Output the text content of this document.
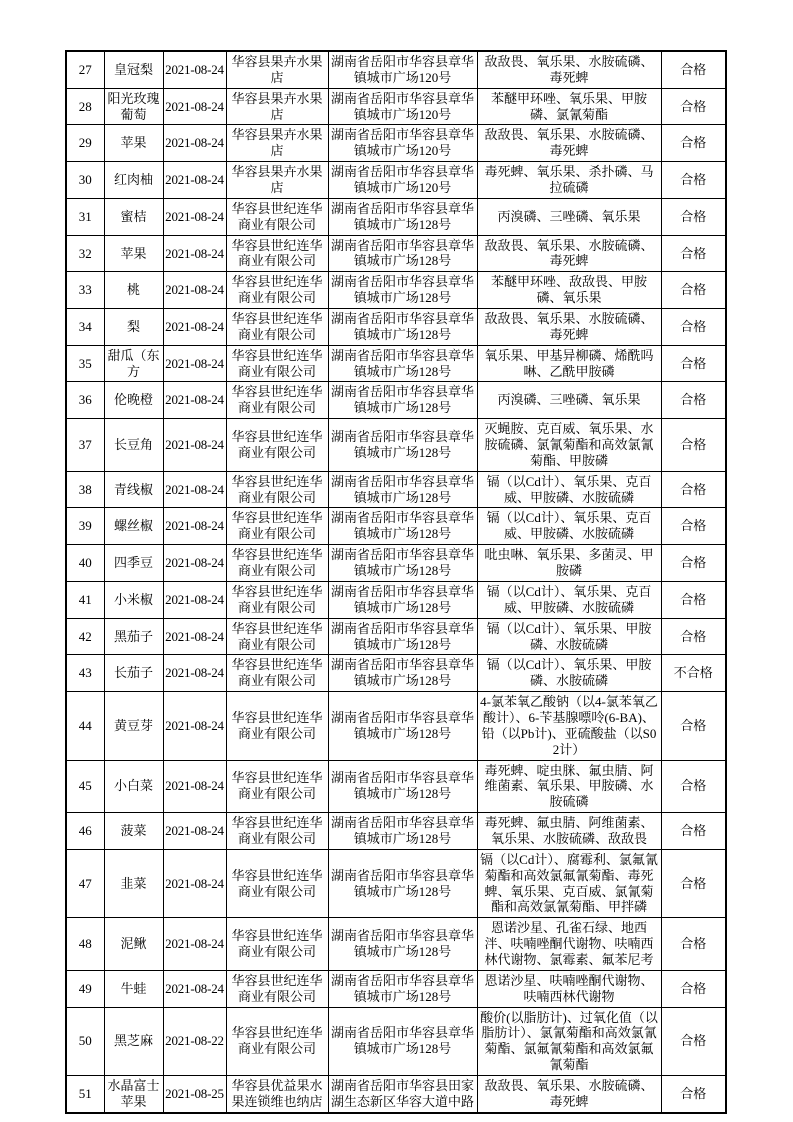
27	皇冠梨	2021-08-24	华容县果卉水果店	湖南省岳阳市华容县章华镇城市广场120号	敌敌畏、氧乐果、水胺硫磷、毒死蜱	合格
28	阳光玫瑰葡萄	2021-08-24	华容县果卉水果店	湖南省岳阳市华容县章华镇城市广场120号	苯醚甲环唑、氧乐果、甲胺磷、氯氰菊酯	合格
29	苹果	2021-08-24	华容县果卉水果店	湖南省岳阳市华容县章华镇城市广场120号	敌敌畏、氧乐果、水胺硫磷、毒死蜱	合格
30	红肉柚	2021-08-24	华容县果卉水果店	湖南省岳阳市华容县章华镇城市广场120号	毒死蜱、氧乐果、杀扑磷、马拉硫磷	合格
31	蜜桔	2021-08-24	华容县世纪连华商业有限公司	湖南省岳阳市华容县章华镇城市广场128号	丙溴磷、三唑磷、氧乐果	合格
32	苹果	2021-08-24	华容县世纪连华商业有限公司	湖南省岳阳市华容县章华镇城市广场128号	敌敌畏、氧乐果、水胺硫磷、毒死蜱	合格
33	桃	2021-08-24	华容县世纪连华商业有限公司	湖南省岳阳市华容县章华镇城市广场128号	苯醚甲环唑、敌敌畏、甲胺磷、氧乐果	合格
34	梨	2021-08-24	华容县世纪连华商业有限公司	湖南省岳阳市华容县章华镇城市广场128号	敌敌畏、氧乐果、水胺硫磷、毒死蜱	合格
35	甜瓜（东方	2021-08-24	华容县世纪连华商业有限公司	湖南省岳阳市华容县章华镇城市广场128号	氧乐果、甲基异柳磷、烯酰吗啉、乙酰甲胺磷	合格
36	伦晚橙	2021-08-24	华容县世纪连华商业有限公司	湖南省岳阳市华容县章华镇城市广场128号	丙溴磷、三唑磷、氧乐果	合格
37	长豆角	2021-08-24	华容县世纪连华商业有限公司	湖南省岳阳市华容县章华镇城市广场128号	灭蝇胺、克百威、氧乐果、水胺硫磷、氯氰菊酯和高效氯氰菊酯、甲胺磷	合格
38	青线椒	2021-08-24	华容县世纪连华商业有限公司	湖南省岳阳市华容县章华镇城市广场128号	镉（以Cd计）、氧乐果、克百威、甲胺磷、水胺硫磷	合格
39	螺丝椒	2021-08-24	华容县世纪连华商业有限公司	湖南省岳阳市华容县章华镇城市广场128号	镉（以Cd计）、氧乐果、克百威、甲胺磷、水胺硫磷	合格
40	四季豆	2021-08-24	华容县世纪连华商业有限公司	湖南省岳阳市华容县章华镇城市广场128号	吡虫啉、氧乐果、多菌灵、甲胺磷	合格
41	小米椒	2021-08-24	华容县世纪连华商业有限公司	湖南省岳阳市华容县章华镇城市广场128号	镉（以Cd计）、氧乐果、克百威、甲胺磷、水胺硫磷	合格
42	黑茄子	2021-08-24	华容县世纪连华商业有限公司	湖南省岳阳市华容县章华镇城市广场128号	镉（以Cd计）、氧乐果、甲胺磷、水胺硫磷	合格
43	长茄子	2021-08-24	华容县世纪连华商业有限公司	湖南省岳阳市华容县章华镇城市广场128号	镉（以Cd计）、氧乐果、甲胺磷、水胺硫磷	不合格
44	黄豆芽	2021-08-24	华容县世纪连华商业有限公司	湖南省岳阳市华容县章华镇城市广场128号	4-氯苯氧乙酸钠（以4-氯苯氧乙酸计）、6-苄基腺嘌呤(6-BA)、铅（以Pb计)、亚硫酸盐（以S02计）	合格
45	小白菜	2021-08-24	华容县世纪连华商业有限公司	湖南省岳阳市华容县章华镇城市广场128号	毒死蜱、啶虫脒、氟虫腈、阿维菌素、氧乐果、甲胺磷、水胺硫磷	合格
46	菠菜	2021-08-24	华容县世纪连华商业有限公司	湖南省岳阳市华容县章华镇城市广场128号	毒死蜱、氟虫腈、阿维菌素、氧乐果、水胺硫磷、敌敌畏	合格
47	韭菜	2021-08-24	华容县世纪连华商业有限公司	湖南省岳阳市华容县章华镇城市广场128号	镉（以Cd计）、腐霉利、氯氟氰菊酯和高效氯氟氰菊酯、毒死蜱、氧乐果、克百威、氯氰菊酯和高效氯氰菊酯、甲拌磷	合格
48	泥鳅	2021-08-24	华容县世纪连华商业有限公司	湖南省岳阳市华容县章华镇城市广场128号	恩诺沙星、孔雀石绿、地西泮、呋喃唑酮代谢物、呋喃西林代谢物、氯霉素、氟苯尼考	合格
49	牛蛙	2021-08-24	华容县世纪连华商业有限公司	湖南省岳阳市华容县章华镇城市广场128号	恩诺沙星、呋喃唑酮代谢物、呋喃西林代谢物	合格
50	黑芝麻	2021-08-22	华容县世纪连华商业有限公司	湖南省岳阳市华容县章华镇城市广场128号	酸价(以脂肪计)、过氧化值（以脂肪计）、氯氰菊酯和高效氯氰菊酯、氯氟氰菊酯和高效氯氟氰菊酯	合格
51	水晶富士苹果	2021-08-25	华容县优益果水果连锁维也纳店	湖南省岳阳市华容县田家湖生态新区华容大道中路	敌敌畏、氧乐果、水胺硫磷、毒死蜱	合格
